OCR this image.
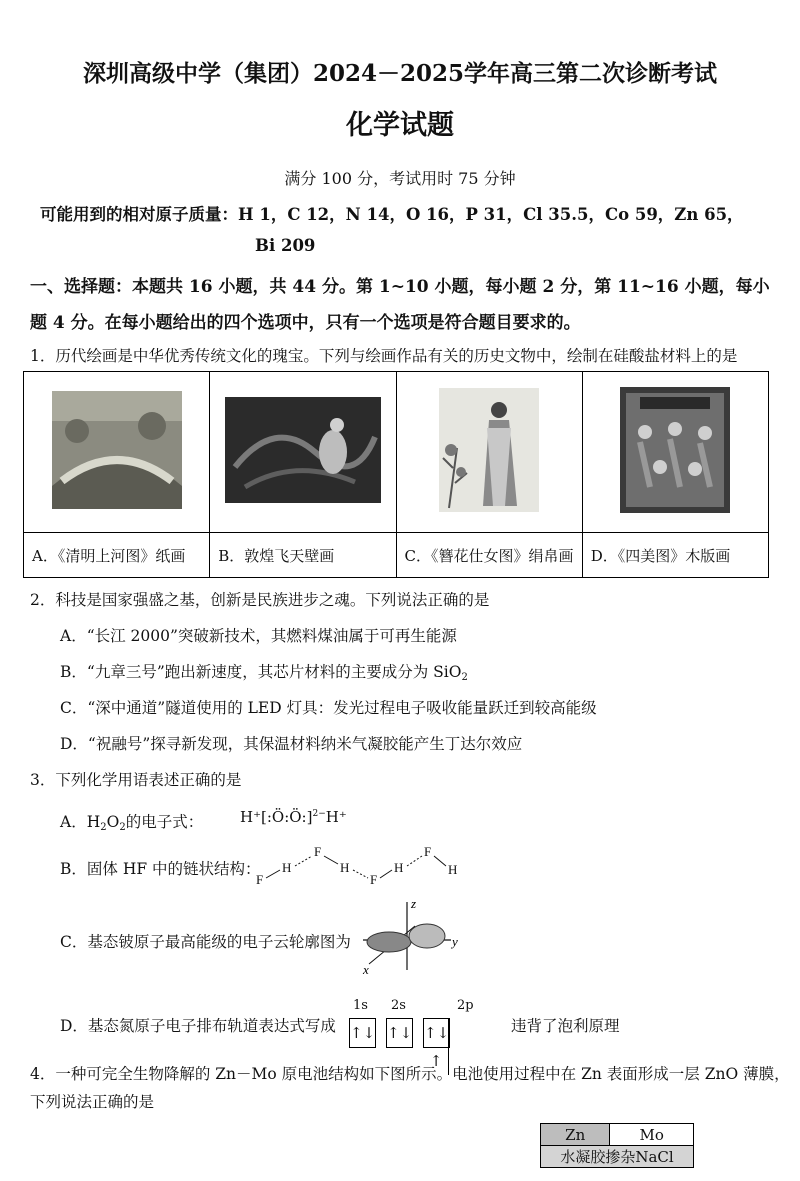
深圳高级中学（集团）2024－2025学年高三第二次诊断考试
化学试题
满分 100 分，考试用时 75 分钟
可能用到的相对原子质量：H 1，C 12，N 14，O 16，P 31，Cl 35.5，Co 59，Zn 65，
Bi 209
一、选择题：本题共 16 小题，共 44 分。第 1~10 小题，每小题 2 分，第 11~16 小题，每小
题 4 分。在每小题给出的四个选项中，只有一个选项是符合题目要求的。
1．历代绘画是中华优秀传统文化的瑰宝。下列与绘画作品有关的历史文物中，绘制在硅酸盐材料上的是

A．《清明上河图》纸画	B．敦煌飞天壁画	C．《簪花仕女图》绢帛画	D．《四美图》木版画
2．科技是国家强盛之基，创新是民族进步之魂。下列说法正确的是
A．“长江 2000”突破新技术，其燃料煤油属于可再生能源
B．“九章三号”跑出新速度，其芯片材料的主要成分为 SiO$_2$
C．“深中通道”隧道使用的 LED 灯具：发光过程电子吸收能量跃迁到较高能级
D．“祝融号”探寻新发现，其保温材料纳米气凝胶能产生丁达尔效应
3．下列化学用语表述正确的是
A．$H_2O_2$的电子式： H⁺[:Ö:Ö:]$^{2-}$H⁺
B．固体 HF 中的链状结构：
F
H
F
H
F
H
F
H
C．基态铍原子最高能级的电子云轮廓图为
z
y
x
D．基态氮原子电子排布轨道表达式写成
1s 2s	2p
↑↓ ↑↓ ↑↓↑
违背了泡利原理
4．一种可完全生物降解的 Zn－Mo 原电池结构如下图所示。电池使用过程中在 Zn 表面形成一层 ZnO 薄膜，
下列说法正确的是
Zn	Mo
水凝胶掺杂NaCl
